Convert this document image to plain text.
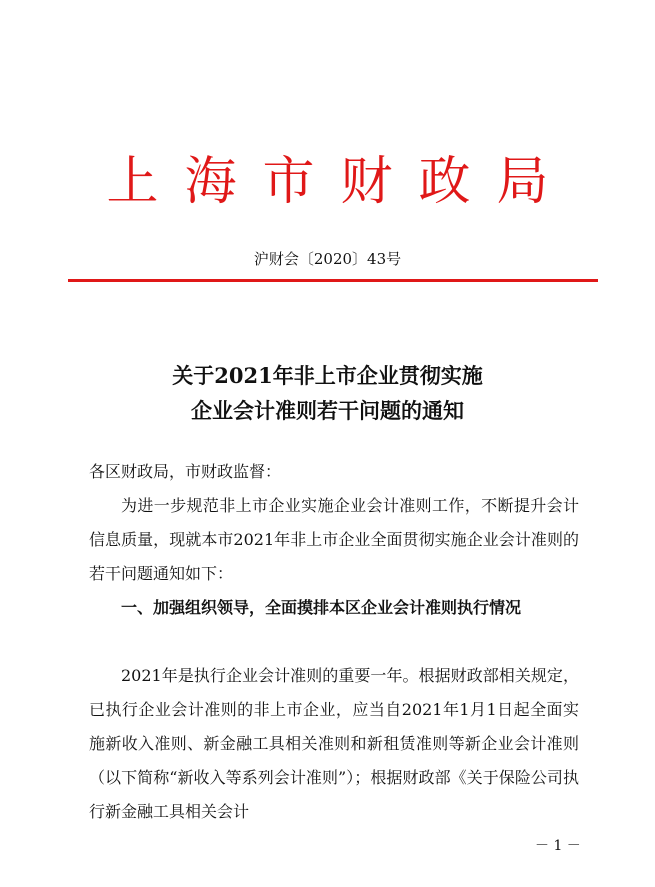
上海市财政局
沪财会〔2020〕43号
关于2021年非上市企业贯彻实施
企业会计准则若干问题的通知
各区财政局，市财政监督：
为进一步规范非上市企业实施企业会计准则工作，不断提升会计信息质量，现就本市2021年非上市企业全面贯彻实施企业会计准则的若干问题通知如下：
一、加强组织领导，全面摸排本区企业会计准则执行情况
2021年是执行企业会计准则的重要一年。根据财政部相关规定，已执行企业会计准则的非上市企业，应当自2021年1月1日起全面实施新收入准则、新金融工具相关准则和新租赁准则等新企业会计准则（以下简称“新收入等系列会计准则”）；根据财政部《关于保险公司执行新金融工具相关会计
－ 1 －
